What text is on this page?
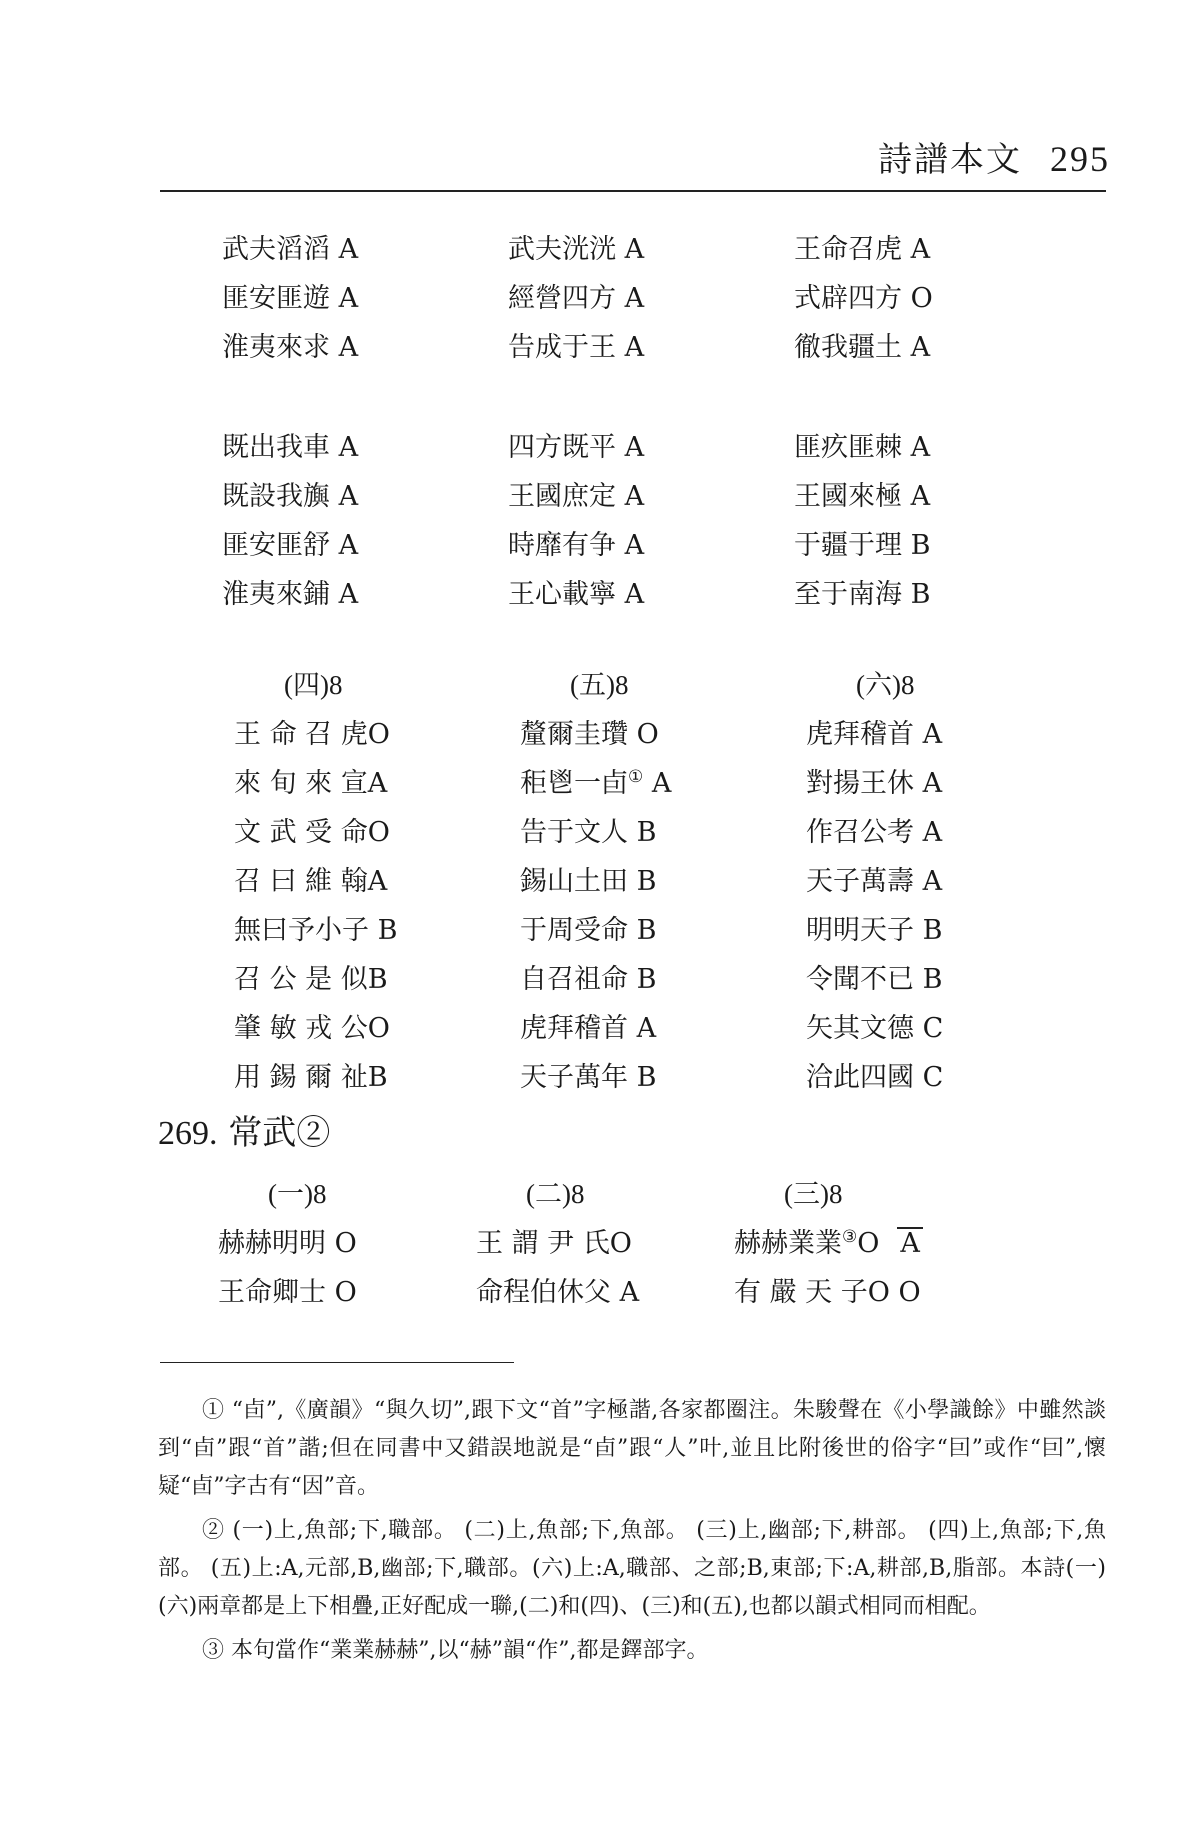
詩譜本文 295
武夫滔滔 A
匪安匪遊 A
淮夷來求 A
武夫洸洸 A
經營四方 A
告成于王 A
王命召虎 A
式辟四方 O
徹我疆土 A
既出我車 A
既設我旟 A
匪安匪舒 A
淮夷來鋪 A
四方既平 A
王國庶定 A
時靡有争 A
王心載寧 A
匪疚匪棘 A
王國來極 A
于疆于理 B
至于南海 B
(四)8
王 命 召 虎O
來 旬 來 宣A
文 武 受 命O
召 曰 維 翰A
無曰予小子 B
召 公 是 似B
肇 敏 戎 公O
用 錫 爾 祉B
(五)8
釐爾圭瓚 O
秬鬯一卣① A
告于文人 B
錫山土田 B
于周受命 B
自召祖命 B
虎拜稽首 A
天子萬年 B
(六)8
虎拜稽首 A
對揚王休 A
作召公考 A
天子萬壽 A
明明天子 B
令聞不已 B
矢其文德 C
洽此四國 C
269. 常武②
(一)8
赫赫明明 O
王命卿士 O
(二)8
王 謂 尹 氏O
命程伯休父 A
(三)8
赫赫業業③O A
有 嚴 天 子O O

① “卣”,《廣韻》“與久切”,跟下文“首”字極諧,各家都圈注。朱駿聲在《小學識餘》中雖然談到“卣”跟“首”諧;但在同書中又錯誤地説是“卣”跟“人”叶,並且比附後世的俗字“囙”或作“囙”,懷疑“卣”字古有“因”音。

② (一)上,魚部;下,職部。 (二)上,魚部;下,魚部。 (三)上,幽部;下,耕部。 (四)上,魚部;下,魚部。 (五)上:A,元部,B,幽部;下,職部。(六)上:A,職部、之部;B,東部;下:A,耕部,B,脂部。本詩(一)(六)兩章都是上下相疊,正好配成一聯,(二)和(四)、(三)和(五),也都以韻式相同而相配。

③ 本句當作“業業赫赫”,以“赫”韻“作”,都是鐸部字。
